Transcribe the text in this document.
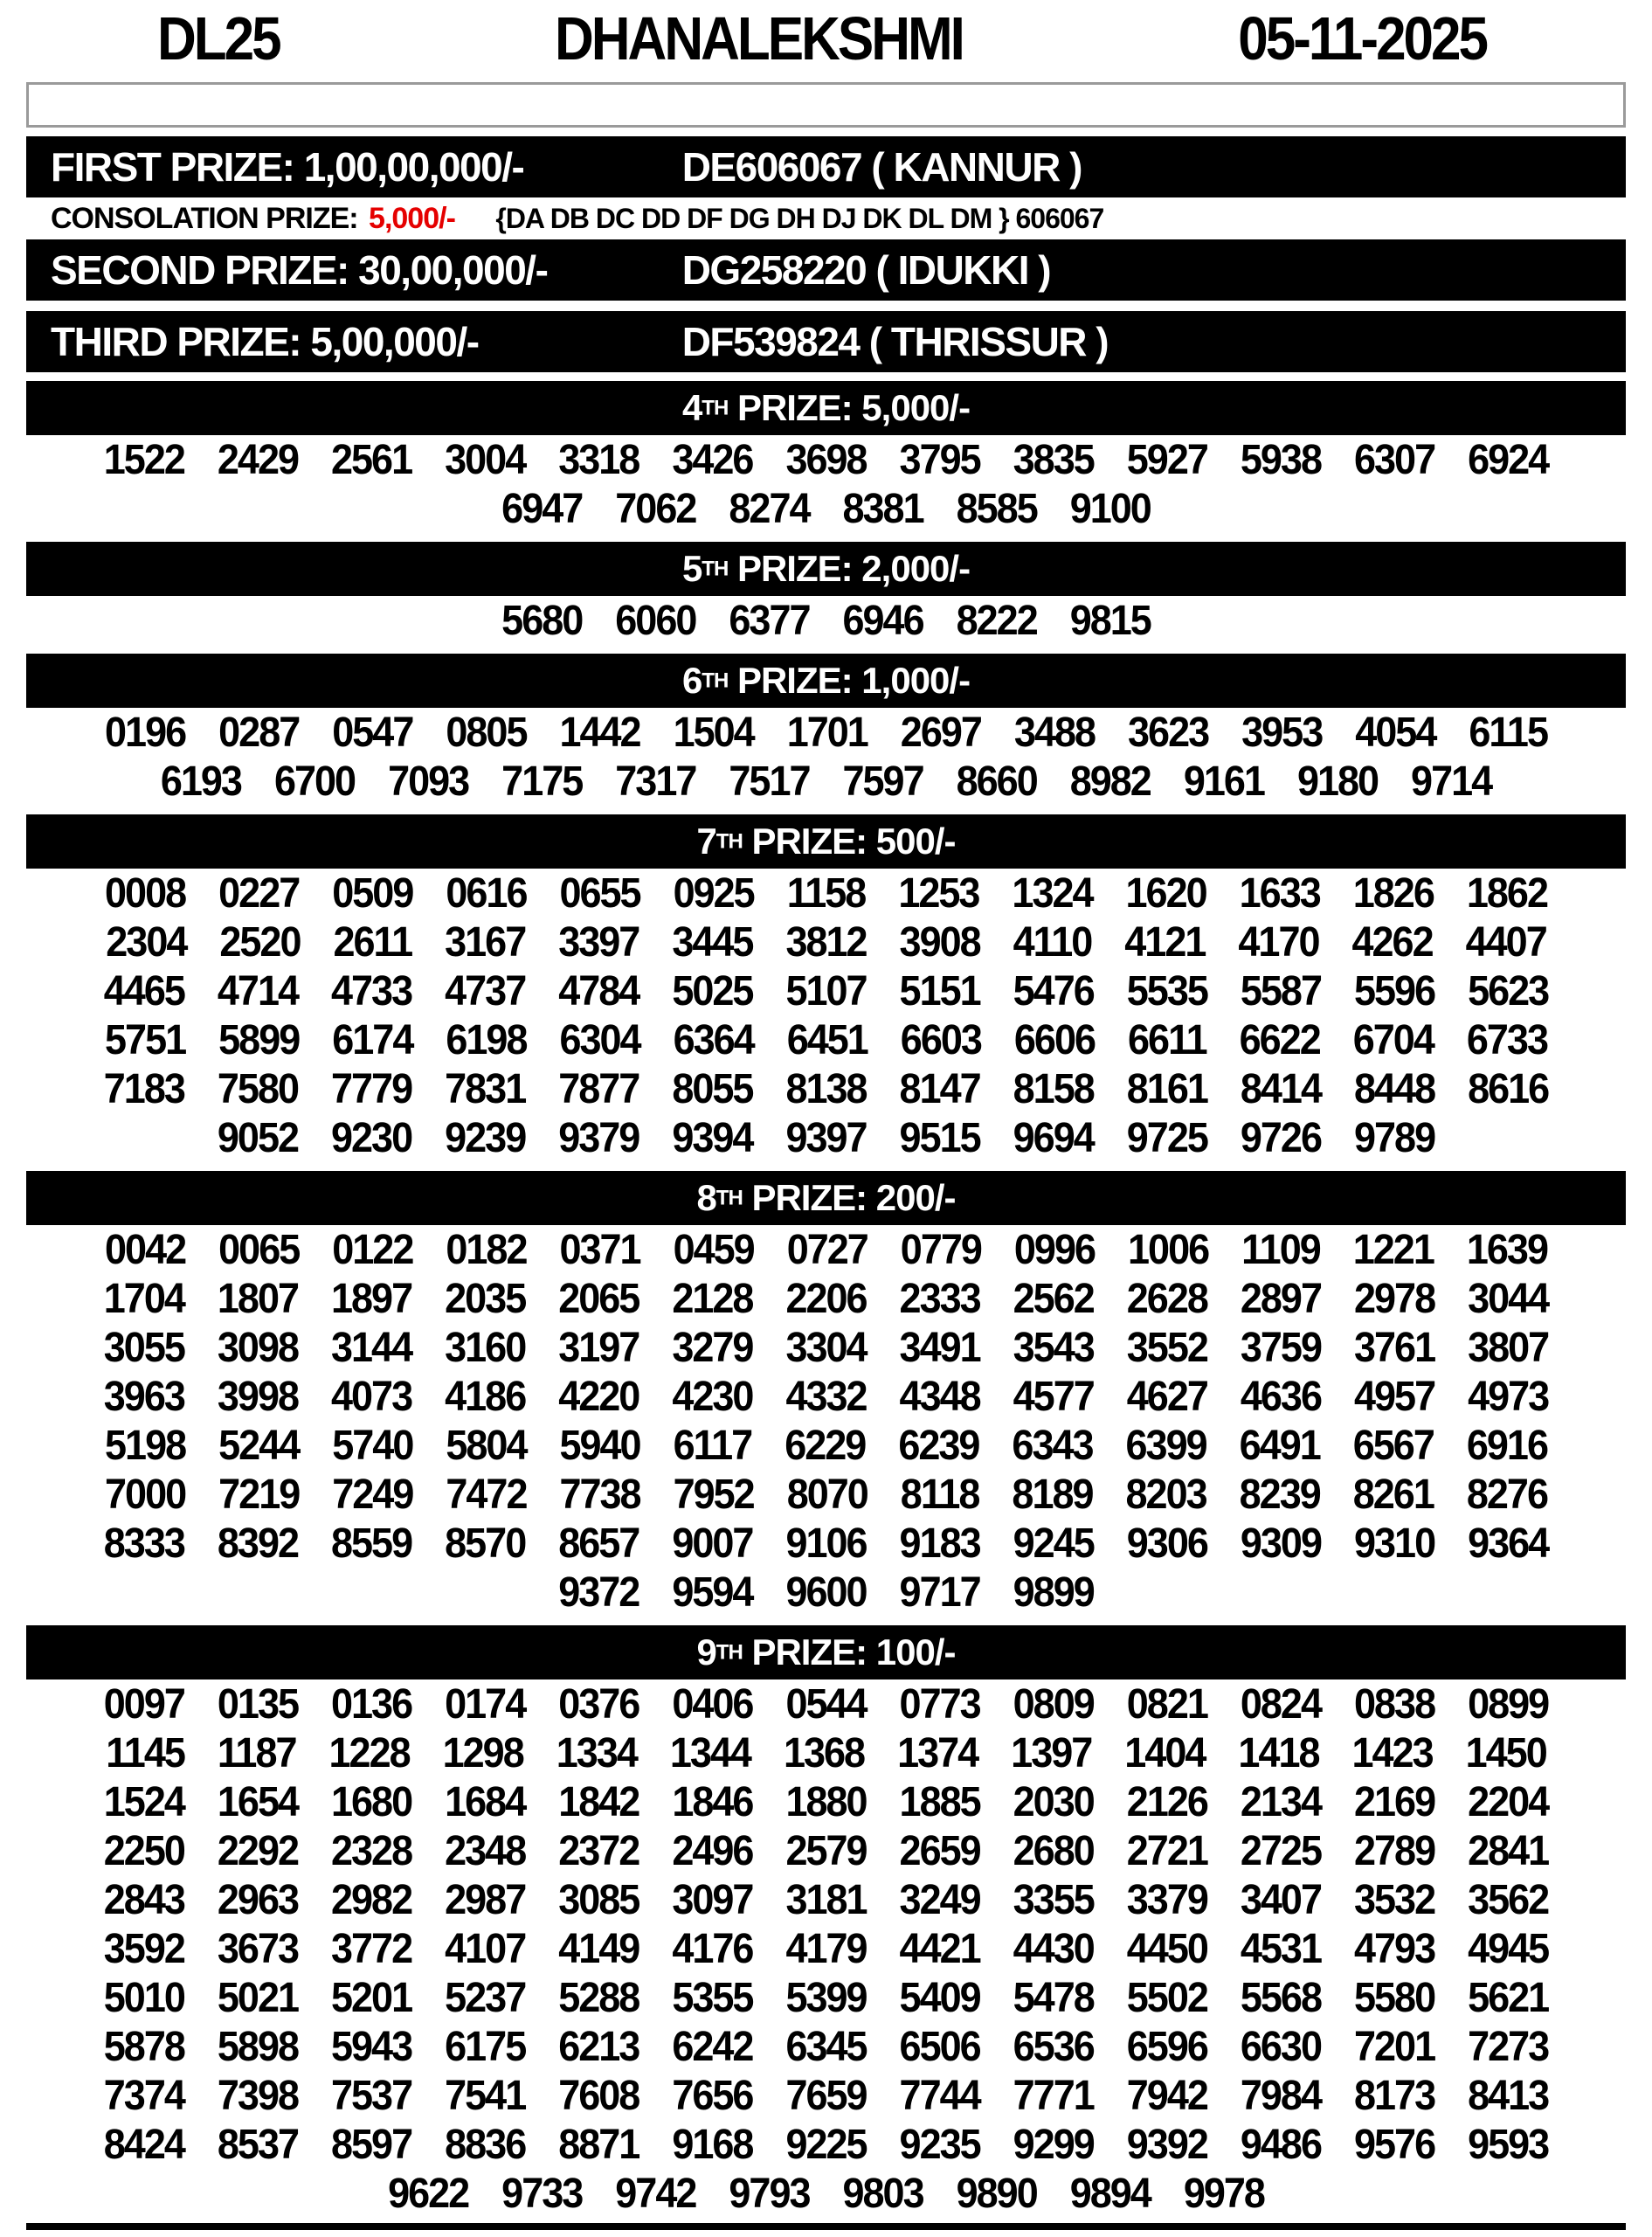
DL25	DHANALEKSHMI	05-11-2025
FIRST PRIZE: 1,00,00,000/-	DE606067 ( KANNUR )
CONSOLATION PRIZE: 5,000/- {DA DB DC DD DF DG DH DJ DK DL DM } 606067
SECOND PRIZE: 30,00,000/-	DG258220 ( IDUKKI )
THIRD PRIZE: 5,00,000/-	DF539824 ( THRISSUR )
4TH PRIZE: 5,000/-
1522 2429 2561 3004 3318 3426 3698 3795 3835 5927 5938 6307 6924
6947 7062 8274 8381 8585 9100
5TH PRIZE: 2,000/-
5680 6060 6377 6946 8222 9815
6TH PRIZE: 1,000/-
0196 0287 0547 0805 1442 1504 1701 2697 3488 3623 3953 4054 6115
6193 6700 7093 7175 7317 7517 7597 8660 8982 9161 9180 9714
7TH PRIZE: 500/-
0008 0227 0509 0616 0655 0925 1158 1253 1324 1620 1633 1826 1862
2304 2520 2611 3167 3397 3445 3812 3908 4110 4121 4170 4262 4407
4465 4714 4733 4737 4784 5025 5107 5151 5476 5535 5587 5596 5623
5751 5899 6174 6198 6304 6364 6451 6603 6606 6611 6622 6704 6733
7183 7580 7779 7831 7877 8055 8138 8147 8158 8161 8414 8448 8616
9052 9230 9239 9379 9394 9397 9515 9694 9725 9726 9789
8TH PRIZE: 200/-
0042 0065 0122 0182 0371 0459 0727 0779 0996 1006 1109 1221 1639
1704 1807 1897 2035 2065 2128 2206 2333 2562 2628 2897 2978 3044
3055 3098 3144 3160 3197 3279 3304 3491 3543 3552 3759 3761 3807
3963 3998 4073 4186 4220 4230 4332 4348 4577 4627 4636 4957 4973
5198 5244 5740 5804 5940 6117 6229 6239 6343 6399 6491 6567 6916
7000 7219 7249 7472 7738 7952 8070 8118 8189 8203 8239 8261 8276
8333 8392 8559 8570 8657 9007 9106 9183 9245 9306 9309 9310 9364
9372 9594 9600 9717 9899
9TH PRIZE: 100/-
0097 0135 0136 0174 0376 0406 0544 0773 0809 0821 0824 0838 0899
1145 1187 1228 1298 1334 1344 1368 1374 1397 1404 1418 1423 1450
1524 1654 1680 1684 1842 1846 1880 1885 2030 2126 2134 2169 2204
2250 2292 2328 2348 2372 2496 2579 2659 2680 2721 2725 2789 2841
2843 2963 2982 2987 3085 3097 3181 3249 3355 3379 3407 3532 3562
3592 3673 3772 4107 4149 4176 4179 4421 4430 4450 4531 4793 4945
5010 5021 5201 5237 5288 5355 5399 5409 5478 5502 5568 5580 5621
5878 5898 5943 6175 6213 6242 6345 6506 6536 6596 6630 7201 7273
7374 7398 7537 7541 7608 7656 7659 7744 7771 7942 7984 8173 8413
8424 8537 8597 8836 8871 9168 9225 9235 9299 9392 9486 9576 9593
9622 9733 9742 9793 9803 9890 9894 9978
